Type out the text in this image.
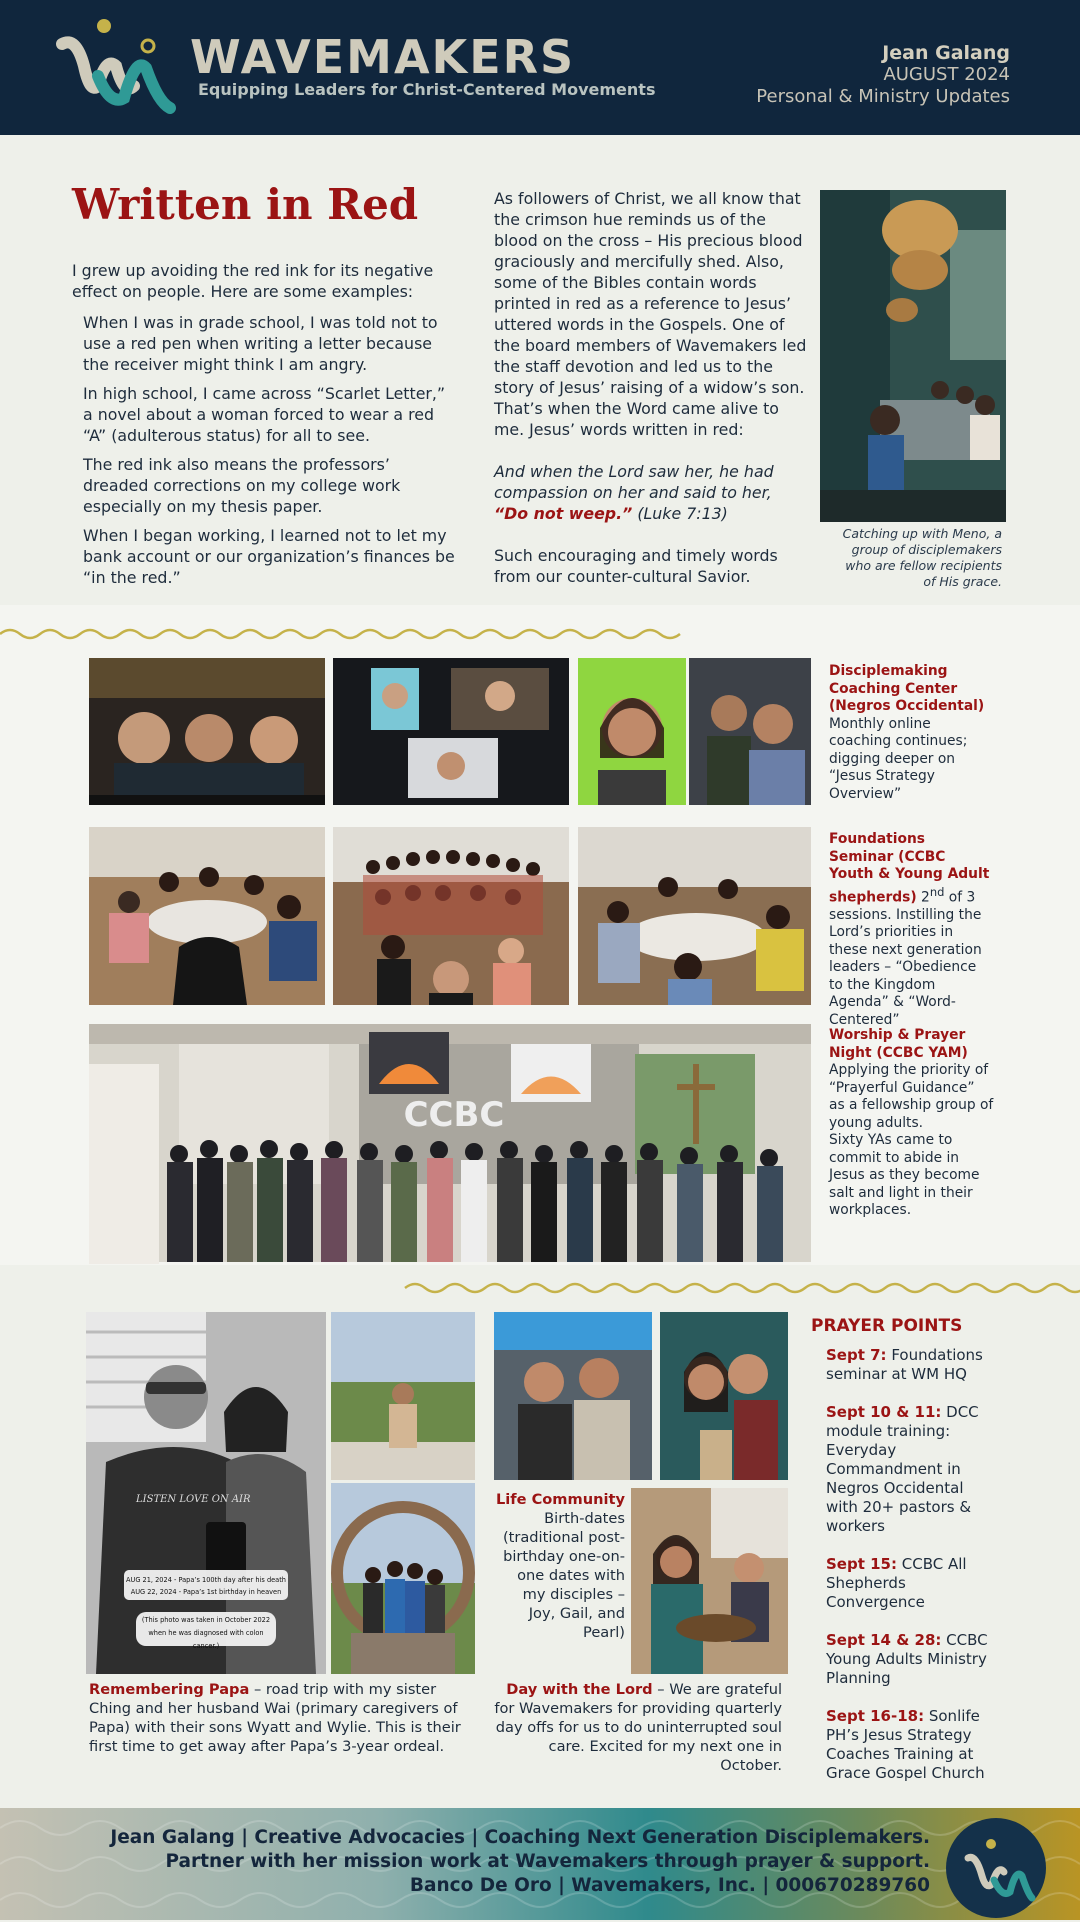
WAVEMAKERS
Equipping Leaders for Christ-Centered Movements
Jean Galang
AUGUST 2024
Personal & Ministry Updates
Written in Red

I grew up avoiding the red ink for its negative effect on people. Here are some examples:

When I was in grade school, I was told not to use a red pen when writing a letter because the receiver might think I am angry.

In high school, I came across “Scarlet Letter,” a novel about a woman forced to wear a red “A” (adulterous status) for all to see.

The red ink also means the professors’ dreaded corrections on my college work especially on my thesis paper.

When I began working, I learned not to let my bank account or our organization’s finances be “in the red.”

As followers of Christ, we all know that the crimson hue reminds us of the blood on the cross – His precious blood graciously and mercifully shed. Also, some of the Bibles contain words printed in red as a reference to Jesus’ uttered words in the Gospels. One of the board members of Wavemakers led the staff devotion and led us to the story of Jesus’ raising of a widow’s son. That’s when the Word came alive to me. Jesus’ words written in red:

And when the Lord saw her, he had compassion on her and said to her,
“Do not weep.” (Luke 7:13)

Such encouraging and timely words from our counter-cultural Savior.

Catching up with Meno, a group of disciplemakers who are fellow recipients of His grace.

Disciplemaking Coaching Center (Negros Occidental)
Monthly online coaching continues; digging deeper on “Jesus Strategy Overview”
Foundations Seminar (CCBC Youth & Young Adult shepherds) 2nd of 3 sessions. Instilling the Lord’s priorities in these next generation leaders – “Obedience to the Kingdom Agenda” & “Word-Centered”
CCBC
Worship & Prayer Night (CCBC YAM)
Applying the priority of “Prayerful Guidance” as a fellowship group of young adults.
Sixty YAs came to commit to abide in Jesus as they become salt and light in their workplaces.
LISTEN LOVE ON AIR
AUG 21, 2024 - Papa’s 100th day after his death
AUG 22, 2024 - Papa’s 1st birthday in heaven
(This photo was taken in October 2022 when he was diagnosed with colon cancer.)

Remembering Papa – road trip with my sister Ching and her husband Wai (primary caregivers of Papa) with their sons Wyatt and Wylie. This is their first time to get away after Papa’s 3-year ordeal.

Life Community
Birth-dates (traditional post-birthday one-on-one dates with my disciples – Joy, Gail, and Pearl)

Day with the Lord – We are grateful for Wavemakers for providing quarterly day offs for us to do uninterrupted soul care. Excited for my next one in October.

PRAYER POINTS

Sept 7: Foundations seminar at WM HQ

Sept 10 & 11: DCC module training: Everyday Commandment in Negros Occidental with 20+ pastors & workers

Sept 15: CCBC All Shepherds Convergence

Sept 14 & 28: CCBC Young Adults Ministry Planning

Sept 16-18: Sonlife PH’s Jesus Strategy Coaches Training at Grace Gospel Church

Jean Galang | Creative Advocacies | Coaching Next Generation Disciplemakers.
Partner with her mission work at Wavemakers through prayer & support.
Banco De Oro | Wavemakers, Inc. | 000670289760
